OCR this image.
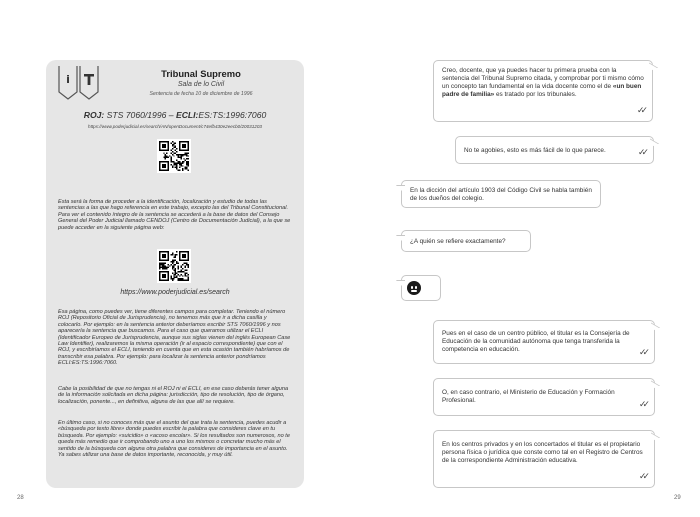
i	Tribunal Supremo
Sala de lo Civil
Sentencia de fecha 10 de diciembre de 1996
ROJ: STS 7060/1996 – ECLI:ES:TS:1996:7060
https://www.poderjudicial.es/search/AN/openDocument/c74efb430e2eecb0/20031203
Esta será la forma de proceder a la identificación, localización y estudio de todas las sentencias a las que hago referencia en este trabajo, excepto las del Tribunal Constitucional. Para ver el contenido íntegro de la sentencia se accederá a la base de datos del Consejo General del Poder Judicial llamado CENDOJ (Centro de Documentación Judicial), a la que se puede acceder en la siguiente página web:
https://www.poderjudicial.es/search
Esa página, como puedes ver, tiene diferentes campos para completar. Teniendo el número ROJ (Repositorio Oficial de Jurisprudencia), no tenemos más que ir a dicha casilla y colocarlo. Por ejemplo: en la sentencia anterior deberíamos escribir STS 7060/1996 y nos aparecería la sentencia que buscamos. Para el caso que queramos utilizar el ECLI (Identificador Europeo de Jurisprudencia, aunque sus siglas vienen del inglés European Case Law Identifier), realizaremos la misma operación (ir al espacio correspondiente) que con el ROJ, y escribiríamos el ECLI, teniendo en cuenta que en esta ocasión también habríamos de transcribir esa palabra. Por ejemplo: para localizar la sentencia anterior pondríamos ECLI:ES:TS:1996:7060.
Cabe la posibilidad de que no tengas ni el ROJ ni el ECLI, en ese caso deberás tener alguna de la información solicitada en dicha página: jurisdicción, tipo de resolución, tipo de órgano, localización, ponente..., en definitiva, alguna de las que allí se requiere.
En último caso, si no conoces más que el asunto del que trata la sentencia, puedes acudir a «búsqueda por texto libre» donde puedes escribir la palabra que consideres clave en tu búsqueda. Por ejemplo: «suicidio» o «acoso escolar». Si los resultados son numerosos, no te queda más remedio que ir comprobando uno a uno los mismos o concretar mucho más el sentido de la búsqueda con alguna otra palabra que consideres de importancia en el asunto. Ya sabes utilizar una base de datos importante, reconocida, y muy útil.
28
Creo, docente, que ya puedes hacer tu primera prueba con la sentencia del Tribunal Supremo citada, y comprobar por ti mismo cómo un concepto tan fundamental en la vida docente como el de «un buen padre de familia» es tratado por los tribunales.
✓✓
No te agobies, esto es más fácil de lo que parece.	✓✓
En la dicción del artículo 1903 del Código Civil se habla también de los dueños del colegio.
¿A quién se refiere exactamente?
Pues en el caso de un centro público, el titular es la Consejería de Educación de la comunidad autónoma que tenga transferida la competencia en educación.	✓✓
O, en caso contrario, el Ministerio de Educación y Formación Profesional.	✓✓
En los centros privados y en los concertados el titular es el propietario persona física o jurídica que conste como tal en el Registro de Centros de la correspondiente Administración educativa.
✓✓
29
